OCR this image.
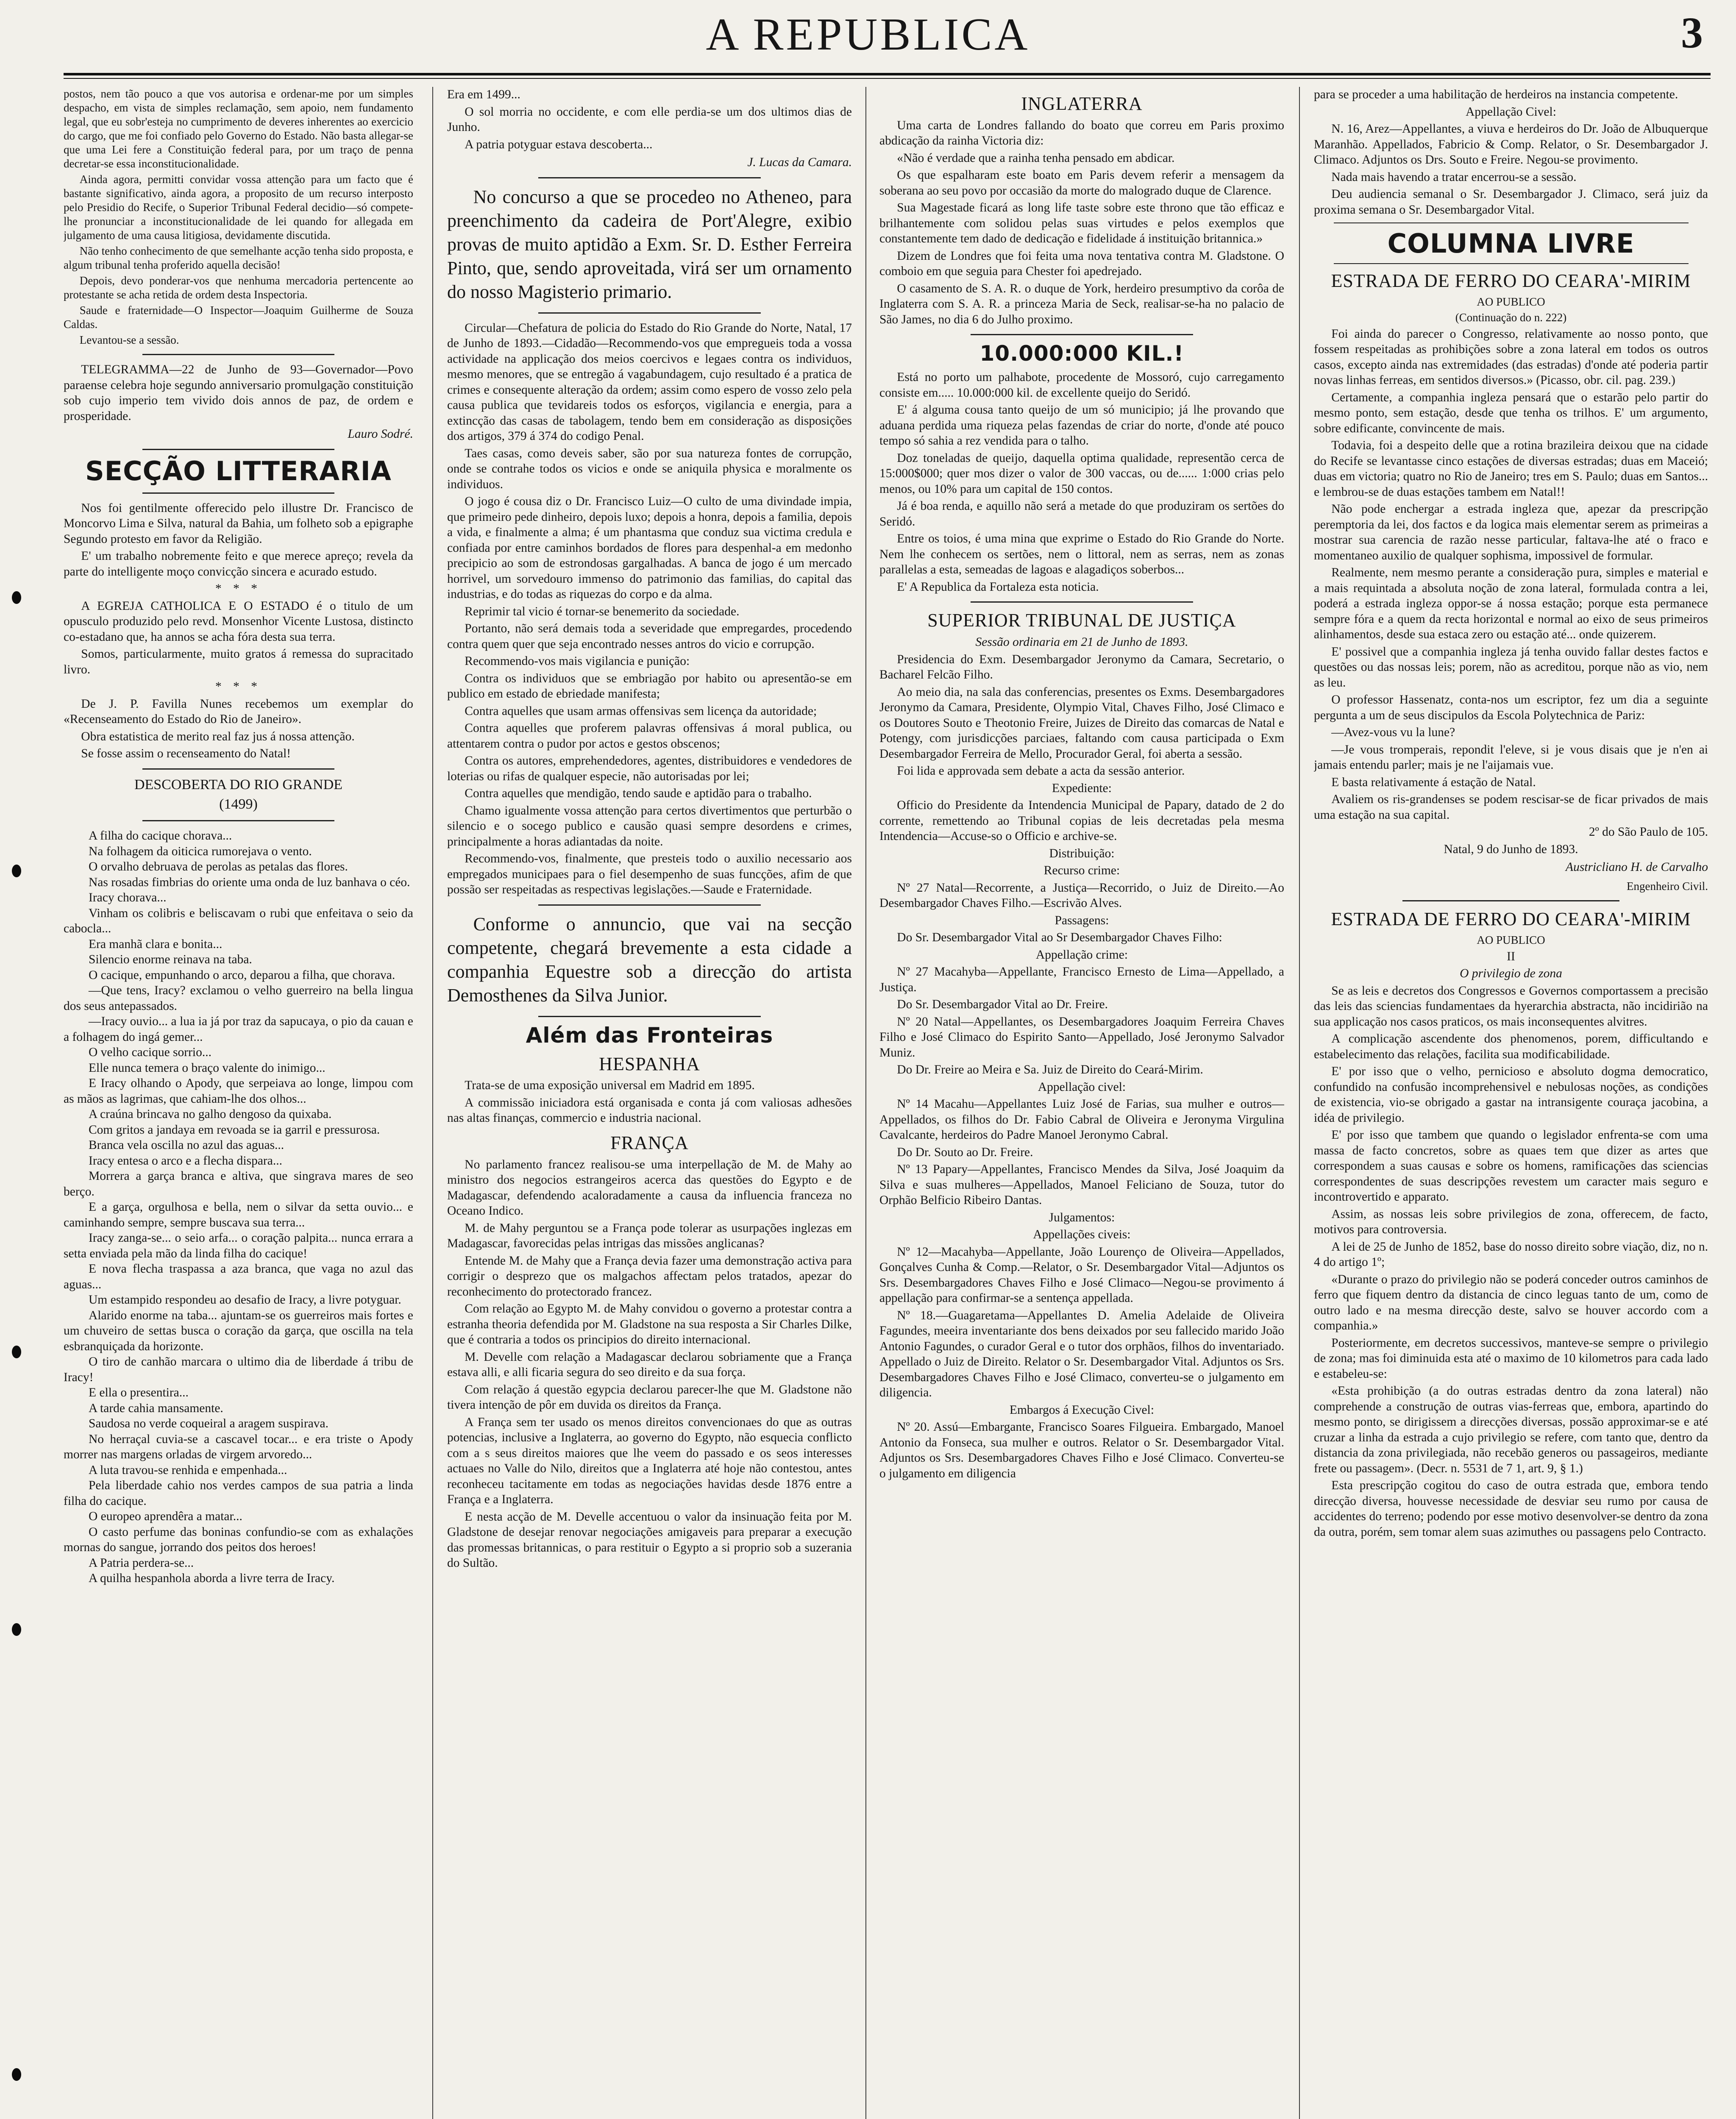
A REPUBLICA	3

postos, nem tão pouco a que vos autorisa e ordenar-me por um simples despacho, em vista de simples reclamação, sem apoio, nem fundamento legal, que eu sobr'esteja no cumprimento de deveres inherentes ao exercicio do cargo, que me foi confiado pelo Governo do Estado. Não basta allegar-se que uma Lei fere a Constituição federal para, por um traço de penna decretar-se essa inconstitucionalidade.

Ainda agora, permitti convidar vossa attenção para um facto que é bastante significativo, ainda agora, a proposito de um recurso interposto pelo Presidio do Recife, o Superior Tribunal Federal decidio—só compete-lhe pronunciar a inconstitucionalidade de lei quando for allegada em julgamento de uma causa litigiosa, devidamente discutida.

Não tenho conhecimento de que semelhante acção tenha sido proposta, e algum tribunal tenha proferido aquella decisão!

Depois, devo ponderar-vos que nenhuma mercadoria pertencente ao protestante se acha retida de ordem desta Inspectoria.

Saude e fraternidade—O Inspector—Joaquim Guilherme de Souza Caldas.

Levantou-se a sessão.

TELEGRAMMA—22 de Junho de 93—Governador—Povo paraense celebra hoje segundo anniversario promulgação constituição sob cujo imperio tem vivido dois annos de paz, de ordem e prosperidade.

Lauro Sodré.

SECÇÃO LITTERARIA

Nos foi gentilmente offerecido pelo illustre Dr. Francisco de Moncorvo Lima e Silva, natural da Bahia, um folheto sob a epigraphe Segundo protesto em favor da Religião.

E' um trabalho nobremente feito e que merece apreço; revela da parte do intelligente moço convicção sincera e acurado estudo.

* * *

A EGREJA CATHOLICA E O ESTADO é o titulo de um opusculo produzido pelo revd. Monsenhor Vicente Lustosa, distincto co-estadano que, ha annos se acha fóra desta sua terra.

Somos, particularmente, muito gratos á remessa do supracitado livro.

* * *

De J. P. Favilla Nunes recebemos um exemplar do «Recenseamento do Estado do Rio de Janeiro».

Obra estatistica de merito real faz jus á nossa attenção.

Se fosse assim o recenseamento do Natal!

DESCOBERTA DO RIO GRANDE
(1499)

A filha do cacique chorava...

Na folhagem da oiticica rumorejava o vento.

O orvalho debruava de perolas as petalas das flores.

Nas rosadas fimbrias do oriente uma onda de luz banhava o céo.

Iracy chorava...

Vinham os colibris e beliscavam o rubi que enfeitava o seio da cabocla...

Era manhã clara e bonita...

Silencio enorme reinava na taba.

O cacique, empunhando o arco, deparou a filha, que chorava.

—Que tens, Iracy? exclamou o velho guerreiro na bella lingua dos seus antepassados.

—Iracy ouvio... a lua ia já por traz da sapucaya, o pio da cauan e a folhagem do ingá gemer...

O velho cacique sorrio...

Elle nunca temera o braço valente do inimigo...

E Iracy olhando o Apody, que serpeiava ao longe, limpou com as mãos as lagrimas, que cahiam-lhe dos olhos...

A craúna brincava no galho dengoso da quixaba.

Com gritos a jandaya em revoada se ia garril e pressurosa.

Branca vela oscilla no azul das aguas...

Iracy entesa o arco e a flecha dispara...

Morrera a garça branca e altiva, que singrava mares de seo berço.

E a garça, orgulhosa e bella, nem o silvar da setta ouvio... e caminhando sempre, sempre buscava sua terra...

Iracy zanga-se... o seio arfa... o coração palpita... nunca errara a setta enviada pela mão da linda filha do cacique!

E nova flecha traspassa a aza branca, que vaga no azul das aguas...

Um estampido respondeu ao desafio de Iracy, a livre potyguar.

Alarido enorme na taba... ajuntam-se os guerreiros mais fortes e um chuveiro de settas busca o coração da garça, que oscilla na tela esbranquiçada da horizonte.

O tiro de canhão marcara o ultimo dia de liberdade á tribu de Iracy!

E ella o presentira...

A tarde cahia mansamente.

Saudosa no verde coqueiral a aragem suspirava.

No herraçal cuvia-se a cascavel tocar... e era triste o Apody morrer nas margens orladas de virgem arvoredo...

A luta travou-se renhida e empenhada...

Pela liberdade cahio nos verdes campos de sua patria a linda filha do cacique.

O europeo aprendêra a matar...

O casto perfume das boninas confundio-se com as exhalações mornas do sangue, jorrando dos peitos dos heroes!

A Patria perdera-se...

A quilha hespanhola aborda a livre terra de Iracy.

Era em 1499...

O sol morria no occidente, e com elle perdia-se um dos ultimos dias de Junho.

A patria potyguar estava descoberta...

J. Lucas da Camara.

No concurso a que se procedeo no Atheneo, para preenchimento da cadeira de Port'Alegre, exibio provas de muito aptidão a Exm. Sr. D. Esther Ferreira Pinto, que, sendo aproveitada, virá ser um ornamento do nosso Magisterio primario.

Circular—Chefatura de policia do Estado do Rio Grande do Norte, Natal, 17 de Junho de 1893.—Cidadão—Recommendo-vos que empregueis toda a vossa actividade na applicação dos meios coercivos e legaes contra os individuos, mesmo menores, que se entregão á vagabundagem, cujo resultado é a pratica de crimes e consequente alteração da ordem; assim como espero de vosso zelo pela causa publica que tevidareis todos os esforços, vigilancia e energia, para a extincção das casas de tabolagem, tendo bem em consideração as disposições dos artigos, 379 á 374 do codigo Penal.

Taes casas, como deveis saber, são por sua natureza fontes de corrupção, onde se contrahe todos os vicios e onde se aniquila physica e moralmente os individuos.

O jogo é cousa diz o Dr. Francisco Luiz—O culto de uma divindade impia, que primeiro pede dinheiro, depois luxo; depois a honra, depois a familia, depois a vida, e finalmente a alma; é um phantasma que conduz sua victima credula e confiada por entre caminhos bordados de flores para despenhal-a em medonho precipicio ao som de estrondosas gargalhadas. A banca de jogo é um mercado horrivel, um sorvedouro immenso do patrimonio das familias, do capital das industrias, e do todas as riquezas do corpo e da alma.

Reprimir tal vicio é tornar-se benemerito da sociedade.

Portanto, não será demais toda a severidade que empregardes, procedendo contra quem quer que seja encontrado nesses antros do vicio e corrupção.

Recommendo-vos mais vigilancia e punição:

Contra os individuos que se embriagão por habito ou apresentão-se em publico em estado de ebriedade manifesta;

Contra aquelles que usam armas offensivas sem licença da autoridade;

Contra aquelles que proferem palavras offensivas á moral publica, ou attentarem contra o pudor por actos e gestos obscenos;

Contra os autores, emprehendedores, agentes, distribuidores e vendedores de loterias ou rifas de qualquer especie, não autorisadas por lei;

Contra aquelles que mendigão, tendo saude e aptidão para o trabalho.

Chamo igualmente vossa attenção para certos divertimentos que perturbão o silencio e o socego publico e causão quasi sempre desordens e crimes, principalmente a horas adiantadas da noite.

Recommendo-vos, finalmente, que presteis todo o auxilio necessario aos empregados municipaes para o fiel desempenho de suas funcções, afim de que possão ser respeitadas as respectivas legislações.—Saude e Fraternidade.

Conforme o annuncio, que vai na secção competente, chegará brevemente a esta cidade a companhia Equestre sob a direcção do artista Demosthenes da Silva Junior.

Além das Fronteiras
HESPANHA

Trata-se de uma exposição universal em Madrid em 1895.

A commissão iniciadora está organisada e conta já com valiosas adhesões nas altas finanças, commercio e industria nacional.

FRANÇA

No parlamento francez realisou-se uma interpellação de M. de Mahy ao ministro dos negocios estrangeiros acerca das questões do Egypto e de Madagascar, defendendo acaloradamente a causa da influencia franceza no Oceano Indico.

M. de Mahy perguntou se a França pode tolerar as usurpações inglezas em Madagascar, favorecidas pelas intrigas das missões anglicanas?

Entende M. de Mahy que a França devia fazer uma demonstração activa para corrigir o desprezo que os malgachos affectam pelos tratados, apezar do reconhecimento do protectorado francez.

Com relação ao Egypto M. de Mahy convidou o governo a protestar contra a estranha theoria defendida por M. Gladstone na sua resposta a Sir Charles Dilke, que é contraria a todos os principios do direito internacional.

M. Develle com relação a Madagascar declarou sobriamente que a França estava alli, e alli ficaria segura do seo direito e da sua força.

Com relação á questão egypcia declarou parecer-lhe que M. Gladstone não tivera intenção de pôr em duvida os direitos da França.

A França sem ter usado os menos direitos convencionaes do que as outras potencias, inclusive a Inglaterra, ao governo do Egypto, não esquecia conflicto com a s seus direitos maiores que lhe veem do passado e os seos interesses actuaes no Valle do Nilo, direitos que a Inglaterra até hoje não contestou, antes reconheceu tacitamente em todas as negociações havidas desde 1876 entre a França e a Inglaterra.

E nesta acção de M. Develle accentuou o valor da insinuação feita por M. Gladstone de desejar renovar negociações amigaveis para preparar a execução das promessas britannicas, o para restituir o Egypto a si proprio sob a suzerania do Sultão.

INGLATERRA

Uma carta de Londres fallando do boato que correu em Paris proximo abdicação da rainha Victoria diz:

«Não é verdade que a rainha tenha pensado em abdicar.

Os que espalharam este boato em Paris devem referir a mensagem da soberana ao seu povo por occasião da morte do malogrado duque de Clarence.

Sua Magestade ficará as long life taste sobre este throno que tão efficaz e brilhantemente com solidou pelas suas virtudes e pelos exemplos que constantemente tem dado de dedicação e fidelidade á instituição britannica.»

Dizem de Londres que foi feita uma nova tentativa contra M. Gladstone. O comboio em que seguia para Chester foi apedrejado.

O casamento de S. A. R. o duque de York, herdeiro presumptivo da corôa de Inglaterra com S. A. R. a princeza Maria de Seck, realisar-se-ha no palacio de São James, no dia 6 do Julho proximo.

10.000:000 KIL.!

Está no porto um palhabote, procedente de Mossoró, cujo carregamento consiste em..... 10.000:000 kil. de excellente queijo do Seridó.

E' á alguma cousa tanto queijo de um só municipio; já lhe provando que aduana perdida uma riqueza pelas fazendas de criar do norte, d'onde até pouco tempo só sahia a rez vendida para o talho.

Doz toneladas de queijo, daquella optima qualidade, representão cerca de 15:000$000; quer mos dizer o valor de 300 vaccas, ou de...... 1:000 crias pelo menos, ou 10% para um capital de 150 contos.

Já é boa renda, e aquillo não será a metade do que produziram os sertões do Seridó.

Entre os toios, é uma mina que exprime o Estado do Rio Grande do Norte. Nem lhe conhecem os sertões, nem o littoral, nem as serras, nem as zonas parallelas a esta, semeadas de lagoas e alagadiços soberbos...

E' A Republica da Fortaleza esta noticia.

SUPERIOR TRIBUNAL DE JUSTIÇA

Sessão ordinaria em 21 de Junho de 1893.

Presidencia do Exm. Desembargador Jeronymo da Camara, Secretario, o Bacharel Felcão Filho.

Ao meio dia, na sala das conferencias, presentes os Exms. Desembargadores Jeronymo da Camara, Presidente, Olympio Vital, Chaves Filho, José Climaco e os Doutores Souto e Theotonio Freire, Juizes de Direito das comarcas de Natal e Potengy, com jurisdicções parciaes, faltando com causa participada o Exm Desembargador Ferreira de Mello, Procurador Geral, foi aberta a sessão.

Foi lida e approvada sem debate a acta da sessão anterior.

Expediente:

Officio do Presidente da Intendencia Municipal de Papary, datado de 2 do corrente, remettendo ao Tribunal copias de leis decretadas pela mesma Intendencia—Accuse-so o Officio e archive-se.

Distribuição:

Recurso crime:

Nº 27 Natal—Recorrente, a Justiça—Recorrido, o Juiz de Direito.—Ao Desembargador Chaves Filho.—Escrivão Alves.

Passagens:

Do Sr. Desembargador Vital ao Sr Desembargador Chaves Filho:

Appellação crime:

Nº 27 Macahyba—Appellante, Francisco Ernesto de Lima—Appellado, a Justiça.

Do Sr. Desembargador Vital ao Dr. Freire.

Nº 20 Natal—Appellantes, os Desembargadores Joaquim Ferreira Chaves Filho e José Climaco do Espirito Santo—Appellado, José Jeronymo Salvador Muniz.

Do Dr. Freire ao Meira e Sa. Juiz de Direito do Ceará-Mirim.

Appellação civel:

Nº 14 Macahu—Appellantes Luiz José de Farias, sua mulher e outros—Appellados, os filhos do Dr. Fabio Cabral de Oliveira e Jeronyma Virgulina Cavalcante, herdeiros do Padre Manoel Jeronymo Cabral.

Do Dr. Souto ao Dr. Freire.

Nº 13 Papary—Appellantes, Francisco Mendes da Silva, José Joaquim da Silva e suas mulheres—Appellados, Manoel Feliciano de Souza, tutor do Orphão Belficio Ribeiro Dantas.

Julgamentos:

Appellações civeis:

Nº 12—Macahyba—Appellante, João Lourenço de Oliveira—Appellados, Gonçalves Cunha & Comp.—Relator, o Sr. Desembargador Vital—Adjuntos os Srs. Desembargadores Chaves Filho e José Climaco—Negou-se provimento á appellação para confirmar-se a sentença appellada.

Nº 18.—Guagaretama—Appellantes D. Amelia Adelaide de Oliveira Fagundes, meeira inventariante dos bens deixados por seu fallecido marido João Antonio Fagundes, o curador Geral e o tutor dos orphãos, filhos do inventariado. Appellado o Juiz de Direito. Relator o Sr. Desembargador Vital. Adjuntos os Srs. Desembargadores Chaves Filho e José Climaco, converteu-se o julgamento em diligencia.

Embargos á Execução Civel:

Nº 20. Assú—Embargante, Francisco Soares Filgueira. Embargado, Manoel Antonio da Fonseca, sua mulher e outros. Relator o Sr. Desembargador Vital. Adjuntos os Srs. Desembargadores Chaves Filho e José Climaco. Converteu-se o julgamento em diligencia

para se proceder a uma habilitação de herdeiros na instancia competente.

Appellação Civel:

N. 16, Arez—Appellantes, a viuva e herdeiros do Dr. João de Albuquerque Maranhão. Appellados, Fabricio & Comp. Relator, o Sr. Desembargador J. Climaco. Adjuntos os Drs. Souto e Freire. Negou-se provimento.

Nada mais havendo a tratar encerrou-se a sessão.

Deu audiencia semanal o Sr. Desembargador J. Climaco, será juiz da proxima semana o Sr. Desembargador Vital.

COLUMNA LIVRE
ESTRADA DE FERRO DO CEARA'-MIRIM

AO PUBLICO

(Continuação do n. 222)

Foi ainda do parecer o Congresso, relativamente ao nosso ponto, que fossem respeitadas as prohibições sobre a zona lateral em todos os outros casos, excepto ainda nas extremidades (das estradas) d'onde até poderia partir novas linhas ferreas, em sentidos diversos.» (Picasso, obr. cil. pag. 239.)

Certamente, a companhia ingleza pensará que o estarão pelo partir do mesmo ponto, sem estação, desde que tenha os trilhos. E' um argumento, sobre edificante, convincente de mais.

Todavia, foi a despeito delle que a rotina brazileira deixou que na cidade do Recife se levantasse cinco estações de diversas estradas; duas em Maceió; duas em victoria; quatro no Rio de Janeiro; tres em S. Paulo; duas em Santos... e lembrou-se de duas estações tambem em Natal!!

Não pode enchergar a estrada ingleza que, apezar da prescripção peremptoria da lei, dos factos e da logica mais elementar serem as primeiras a mostrar sua carencia de razão nesse particular, faltava-lhe até o fraco e momentaneo auxilio de qualquer sophisma, impossivel de formular.

Realmente, nem mesmo perante a consideração pura, simples e material e a mais requintada a absoluta noção de zona lateral, formulada contra a lei, poderá a estrada ingleza oppor-se á nossa estação; porque esta permanece sempre fóra e a quem da recta horizontal e normal ao eixo de seus primeiros alinhamentos, desde sua estaca zero ou estação até... onde quizerem.

E' possivel que a companhia ingleza já tenha ouvido fallar destes factos e questões ou das nossas leis; porem, não as acreditou, porque não as vio, nem as leu.

O professor Hassenatz, conta-nos um escriptor, fez um dia a seguinte pergunta a um de seus discipulos da Escola Polytechnica de Pariz:

—Avez-vous vu la lune?

—Je vous tromperais, repondit l'eleve, si je vous disais que je n'en ai jamais entendu parler; mais je ne l'aijamais vue.

E basta relativamente á estação de Natal.

Avaliem os ris-grandenses se podem rescisar-se de ficar privados de mais uma estação na sua capital.

2º do São Paulo de 105.

Natal, 9 do Junho de 1893.

Austricliano H. de Carvalho

Engenheiro Civil.

ESTRADA DE FERRO DO CEARA'-MIRIM

AO PUBLICO

II

O privilegio de zona

Se as leis e decretos dos Congressos e Governos comportassem a precisão das leis das sciencias fundamentaes da hyerarchia abstracta, não incidirião na sua applicação nos casos praticos, os mais inconsequentes alvitres.

A complicação ascendente dos phenomenos, porem, difficultando e estabelecimento das relações, facilita sua modificabilidade.

E' por isso que o velho, pernicioso e absoluto dogma democratico, confundido na confusão incomprehensivel e nebulosas noções, as condições de existencia, vio-se obrigado a gastar na intransigente couraça jacobina, a idéa de privilegio.

E' por isso que tambem que quando o legislador enfrenta-se com uma massa de facto concretos, sobre as quaes tem que dizer as artes que correspondem a suas causas e sobre os homens, ramificações das sciencias correspondentes de suas descripções revestem um caracter mais seguro e incontrovertido e apparato.

Assim, as nossas leis sobre privilegios de zona, offerecem, de facto, motivos para controversia.

A lei de 25 de Junho de 1852, base do nosso direito sobre viação, diz, no n. 4 do artigo 1º;

«Durante o prazo do privilegio não se poderá conceder outros caminhos de ferro que fiquem dentro da distancia de cinco leguas tanto de um, como de outro lado e na mesma direcção deste, salvo se houver accordo com a companhia.»

Posteriormente, em decretos successivos, manteve-se sempre o privilegio de zona; mas foi diminuida esta até o maximo de 10 kilometros para cada lado e estabeleu-se:

«Esta prohibição (a do outras estradas dentro da zona lateral) não comprehende a construção de outras vias-ferreas que, embora, apartindo do mesmo ponto, se dirigissem a direcções diversas, possão approximar-se e até cruzar a linha da estrada a cujo privilegio se refere, com tanto que, dentro da distancia da zona privilegiada, não recebão generos ou passageiros, mediante frete ou passagem». (Decr. n. 5531 de 7 1, art. 9, § 1.)

Esta prescripção cogitou do caso de outra estrada que, embora tendo direcção diversa, houvesse necessidade de desviar seu rumo por causa de accidentes do terreno; podendo por esse motivo desenvolver-se dentro da zona da outra, porém, sem tomar alem suas azimuthes ou passagens pelo Contracto.
